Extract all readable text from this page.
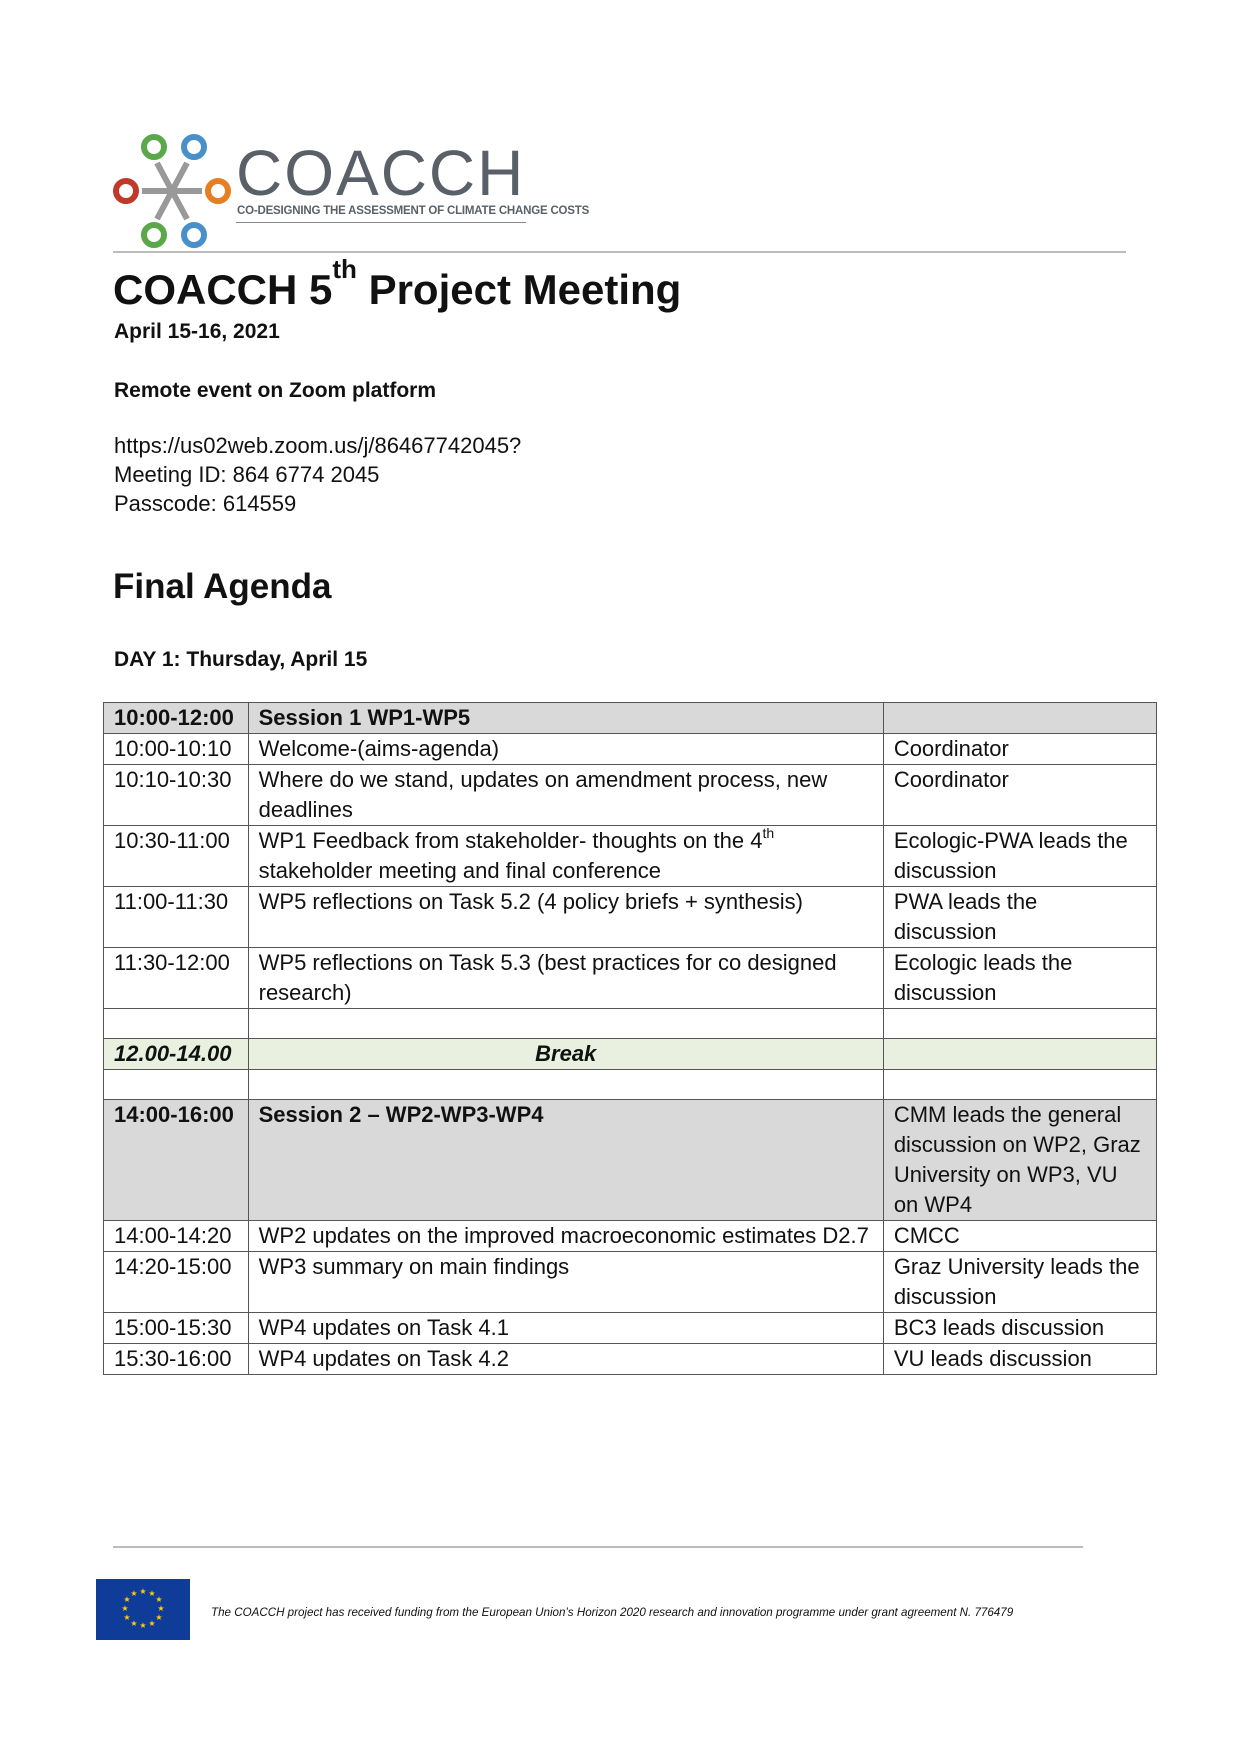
COACCH
CO-DESIGNING THE ASSESSMENT OF CLIMATE CHANGE COSTS
COACCH 5th Project Meeting
April 15-16, 2021
Remote event on Zoom platform
https://us02web.zoom.us/j/86467742045?
Meeting ID: 864 6774 2045
Passcode: 614559
Final Agenda
DAY 1: Thursday, April 15
10:00-12:00	Session 1 WP1-WP5	
10:00-10:10	Welcome-(aims-agenda)	Coordinator
10:10-10:30	Where do we stand, updates on amendment process, new deadlines	Coordinator
10:30-11:00	WP1 Feedback from stakeholder- thoughts on the 4th stakeholder meeting and final conference	Ecologic-PWA leads the discussion
11:00-11:30	WP5 reflections on Task 5.2 (4 policy briefs + synthesis)	PWA leads the discussion
11:30-12:00	WP5 reflections on Task 5.3 (best practices for co designed research)	Ecologic leads the discussion

12.00-14.00	Break	

14:00-16:00	Session 2 – WP2-WP3-WP4	CMM leads the general discussion on WP2, Graz University on WP3, VU on WP4
14:00-14:20	WP2 updates on the improved macroeconomic estimates D2.7	CMCC
14:20-15:00	WP3 summary on main findings	Graz University leads the discussion
15:00-15:30	WP4 updates on Task 4.1	BC3 leads discussion
15:30-16:00	WP4 updates on Task 4.2	VU leads discussion
★ ★
★
★
★
★
★
★
★
★
★
★
The COACCH project has received funding from the European Union’s Horizon 2020 research and innovation programme under grant agreement N. 776479
